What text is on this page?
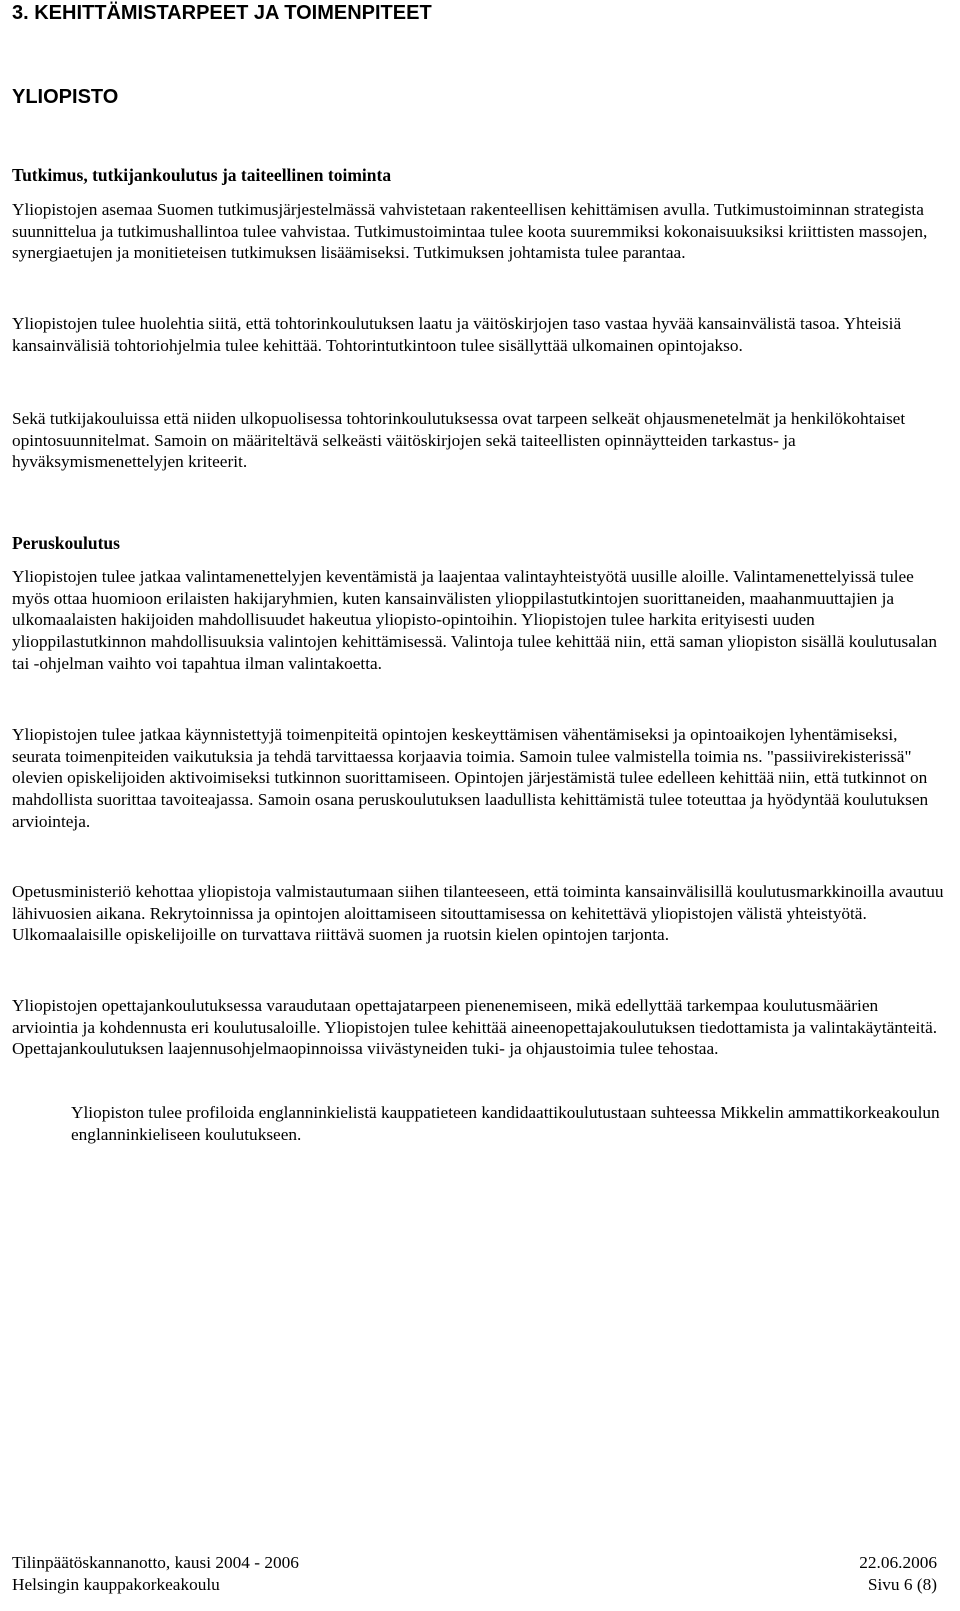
3. KEHITTÄMISTARPEET JA TOIMENPITEET
YLIOPISTO
Tutkimus, tutkijankoulutus ja taiteellinen toiminta

Yliopistojen asemaa Suomen tutkimusjärjestelmässä vahvistetaan rakenteellisen kehittämisen avulla. Tutkimustoiminnan strategista suunnittelua ja tutkimushallintoa tulee vahvistaa. Tutkimustoimintaa tulee koota suuremmiksi kokonaisuuksiksi kriittisten massojen, synergiaetujen ja monitieteisen tutkimuksen lisäämiseksi. Tutkimuksen johtamista tulee parantaa.

Yliopistojen tulee huolehtia siitä, että tohtorinkoulutuksen laatu ja väitöskirjojen taso vastaa hyvää kansainvälistä tasoa. Yhteisiä kansainvälisiä tohtoriohjelmia tulee kehittää. Tohtorintutkintoon tulee sisällyttää ulkomainen opintojakso.

Sekä tutkijakouluissa että niiden ulkopuolisessa tohtorinkoulutuksessa ovat tarpeen selkeät ohjausmenetelmät ja henkilökohtaiset opintosuunnitelmat. Samoin on määriteltävä selkeästi väitöskirjojen sekä taiteellisten opinnäytteiden tarkastus- ja hyväksymismenettelyjen kriteerit.

Peruskoulutus

Yliopistojen tulee jatkaa valintamenettelyjen keventämistä ja laajentaa valintayhteistyötä uusille aloille. Valintamenettelyissä tulee myös ottaa huomioon erilaisten hakijaryhmien, kuten kansainvälisten ylioppilastutkintojen suorittaneiden, maahanmuuttajien ja ulkomaalaisten hakijoiden mahdollisuudet hakeutua yliopisto-opintoihin. Yliopistojen tulee harkita erityisesti uuden ylioppilastutkinnon mahdollisuuksia valintojen kehittämisessä. Valintoja tulee kehittää niin, että saman yliopiston sisällä koulutusalan tai -ohjelman vaihto voi tapahtua ilman valintakoetta.

Yliopistojen tulee jatkaa käynnistettyjä toimenpiteitä opintojen keskeyttämisen vähentämiseksi ja opintoaikojen lyhentämiseksi, seurata toimenpiteiden vaikutuksia ja tehdä tarvittaessa korjaavia toimia. Samoin tulee valmistella toimia ns. "passiivirekisterissä" olevien opiskelijoiden aktivoimiseksi tutkinnon suorittamiseen. Opintojen järjestämistä tulee edelleen kehittää niin, että tutkinnot on mahdollista suorittaa tavoiteajassa. Samoin osana peruskoulutuksen laadullista kehittämistä tulee toteuttaa ja hyödyntää koulutuksen arviointeja.

Opetusministeriö kehottaa yliopistoja valmistautumaan siihen tilanteeseen, että toiminta kansainvälisillä koulutusmarkkinoilla avautuu lähivuosien aikana. Rekrytoinnissa ja opintojen aloittamiseen sitouttamisessa on kehitettävä yliopistojen välistä yhteistyötä. Ulkomaalaisille opiskelijoille on turvattava riittävä suomen ja ruotsin kielen opintojen tarjonta.

Yliopistojen opettajankoulutuksessa varaudutaan opettajatarpeen pienenemiseen, mikä edellyttää tarkempaa koulutusmäärien arviointia ja kohdennusta eri koulutusaloille. Yliopistojen tulee kehittää aineenopettajakoulutuksen tiedottamista ja valintakäytänteitä. Opettajankoulutuksen laajennusohjelmaopinnoissa viivästyneiden tuki- ja ohjaustoimia tulee tehostaa.

Yliopiston tulee profiloida englanninkielistä kauppatieteen kandidaattikoulutustaan suhteessa Mikkelin ammattikorkeakoulun englanninkieliseen koulutukseen.

Tilinpäätöskannanotto, kausi 2004 - 2006	22.06.2006
Helsingin kauppakorkeakoulu	Sivu 6 (8)
